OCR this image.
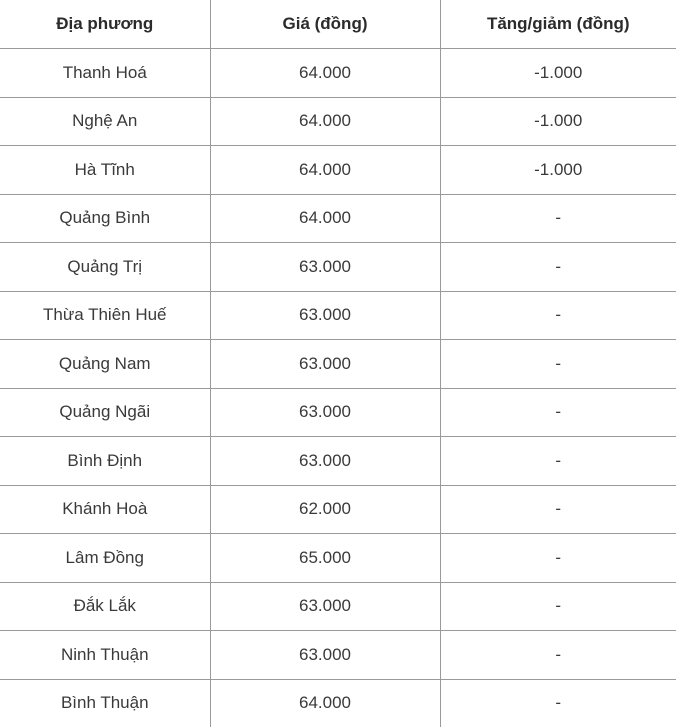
Địa phương	Giá (đồng)	Tăng/giảm (đồng)
Thanh Hoá	64.000	-1.000
Nghệ An	64.000	-1.000
Hà Tĩnh	64.000	-1.000
Quảng Bình	64.000	-
Quảng Trị	63.000	-
Thừa Thiên Huế	63.000	-
Quảng Nam	63.000	-
Quảng Ngãi	63.000	-
Bình Định	63.000	-
Khánh Hoà	62.000	-
Lâm Đồng	65.000	-
Đắk Lắk	63.000	-
Ninh Thuận	63.000	-
Bình Thuận	64.000	-
